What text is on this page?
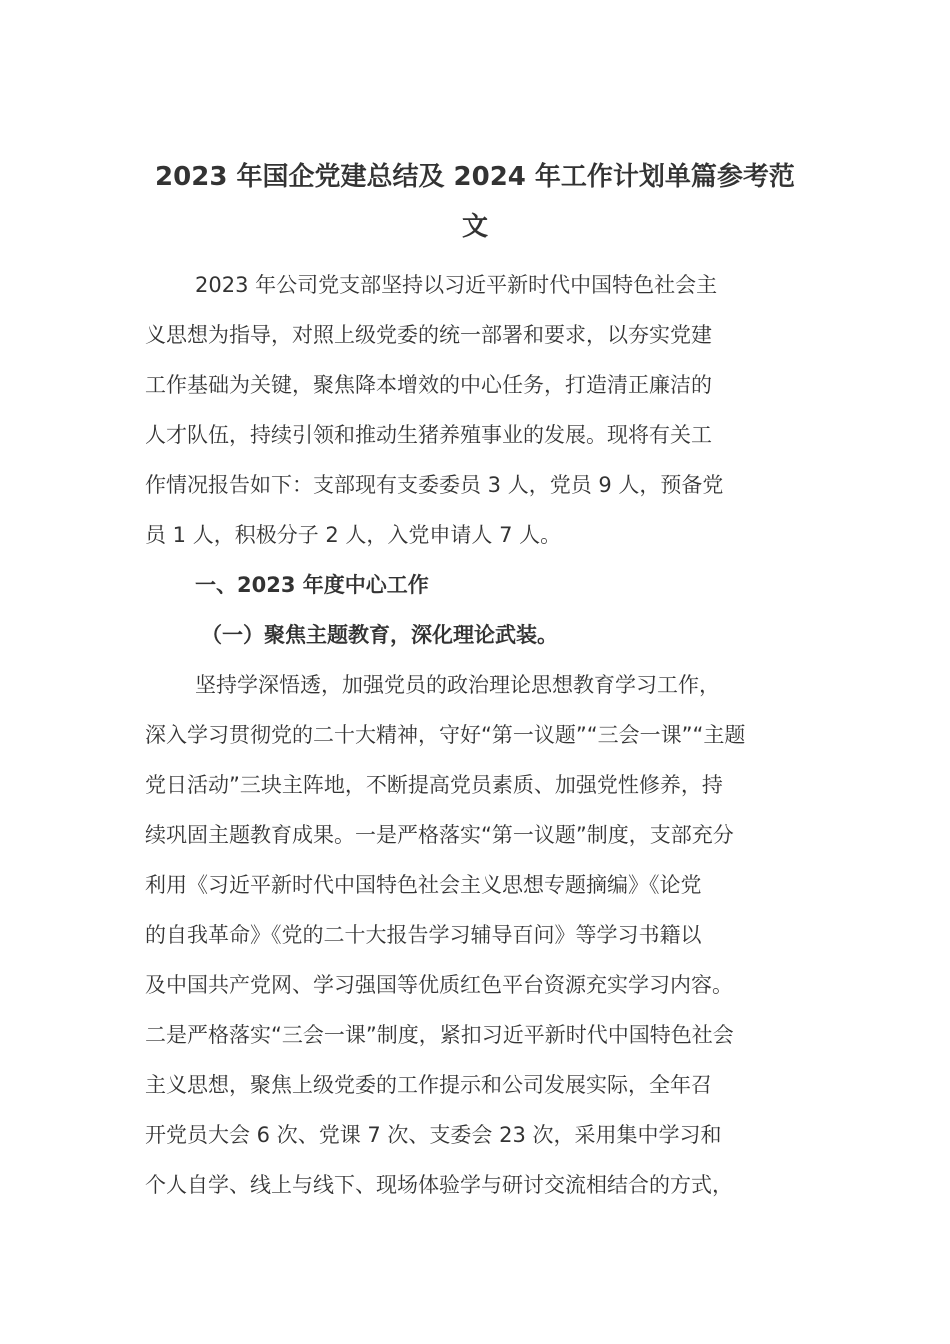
2023 年国企党建总结及 2024 年工作计划单篇参考范
文

2023 年公司党支部坚持以习近平新时代中国特色社会主
义思想为指导，对照上级党委的统一部署和要求，以夯实党建
工作基础为关键，聚焦降本增效的中心任务，打造清正廉洁的
人才队伍，持续引领和推动生猪养殖事业的发展。现将有关工
作情况报告如下：支部现有支委委员 3 人，党员 9 人，预备党
员 1 人，积极分子 2 人，入党申请人 7 人。

一、2023 年度中心工作

（一）聚焦主题教育，深化理论武装。

坚持学深悟透，加强党员的政治理论思想教育学习工作，
深入学习贯彻党的二十大精神，守好“第一议题”“三会一课”“主题
党日活动”三块主阵地，不断提高党员素质、加强党性修养，持
续巩固主题教育成果。一是严格落实“第一议题”制度，支部充分
利用《习近平新时代中国特色社会主义思想专题摘编》《论党
的自我革命》《党的二十大报告学习辅导百问》等学习书籍以
及中国共产党网、学习强国等优质红色平台资源充实学习内容。
二是严格落实“三会一课”制度，紧扣习近平新时代中国特色社会
主义思想，聚焦上级党委的工作提示和公司发展实际，全年召
开党员大会 6 次、党课 7 次、支委会 23 次，采用集中学习和
个人自学、线上与线下、现场体验学与研讨交流相结合的方式，
